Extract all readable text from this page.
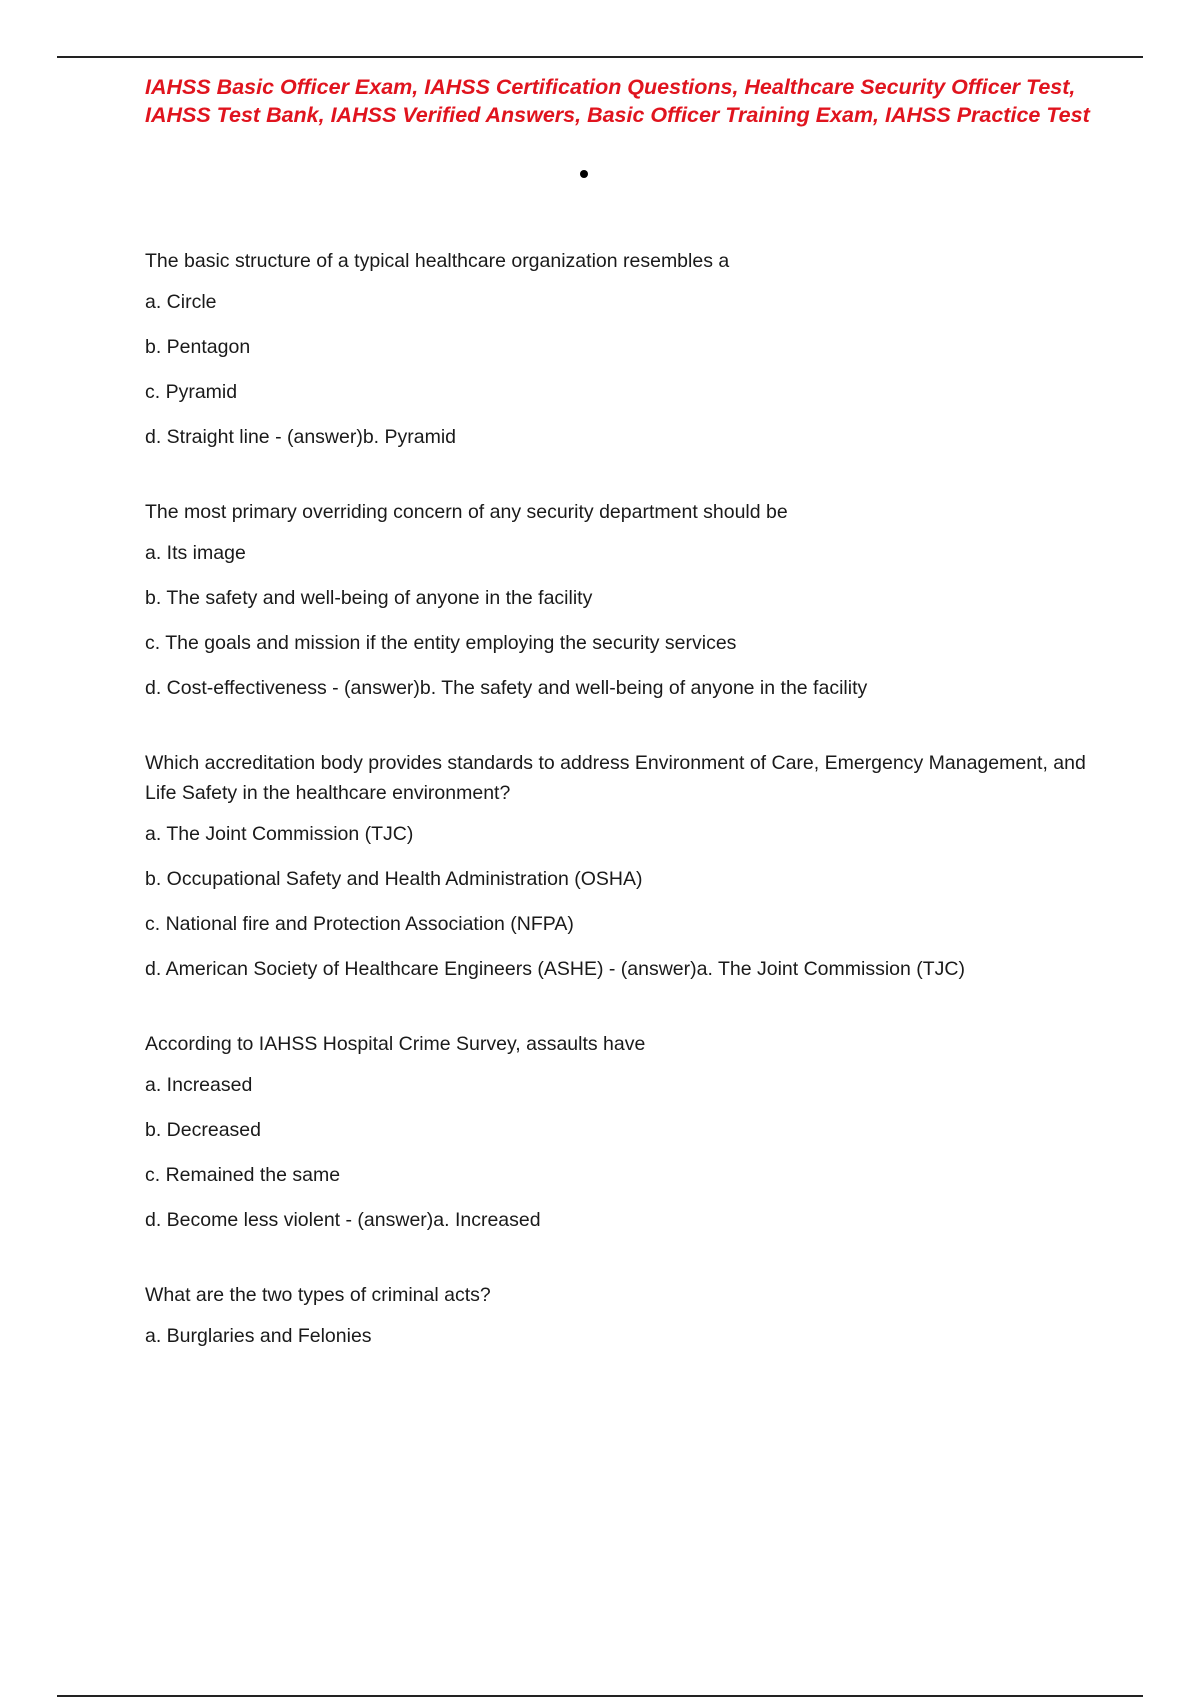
IAHSS Basic Officer Exam, IAHSS Certification Questions, Healthcare Security Officer Test,
IAHSS Test Bank, IAHSS Verified Answers, Basic Officer Training Exam, IAHSS Practice Test
The basic structure of a typical healthcare organization resembles a
a. Circle
b. Pentagon
c. Pyramid
d. Straight line - (answer)b. Pyramid
The most primary overriding concern of any security department should be
a. Its image
b. The safety and well-being of anyone in the facility
c. The goals and mission if the entity employing the security services
d. Cost-effectiveness - (answer)b. The safety and well-being of anyone in the facility
Which accreditation body provides standards to address Environment of Care, Emergency Management, and Life Safety in the healthcare environment?
a. The Joint Commission (TJC)
b. Occupational Safety and Health Administration (OSHA)
c. National fire and Protection Association (NFPA)
d. American Society of Healthcare Engineers (ASHE) - (answer)a. The Joint Commission (TJC)
According to IAHSS Hospital Crime Survey, assaults have
a. Increased
b. Decreased
c. Remained the same
d. Become less violent - (answer)a. Increased
What are the two types of criminal acts?
a. Burglaries and Felonies
